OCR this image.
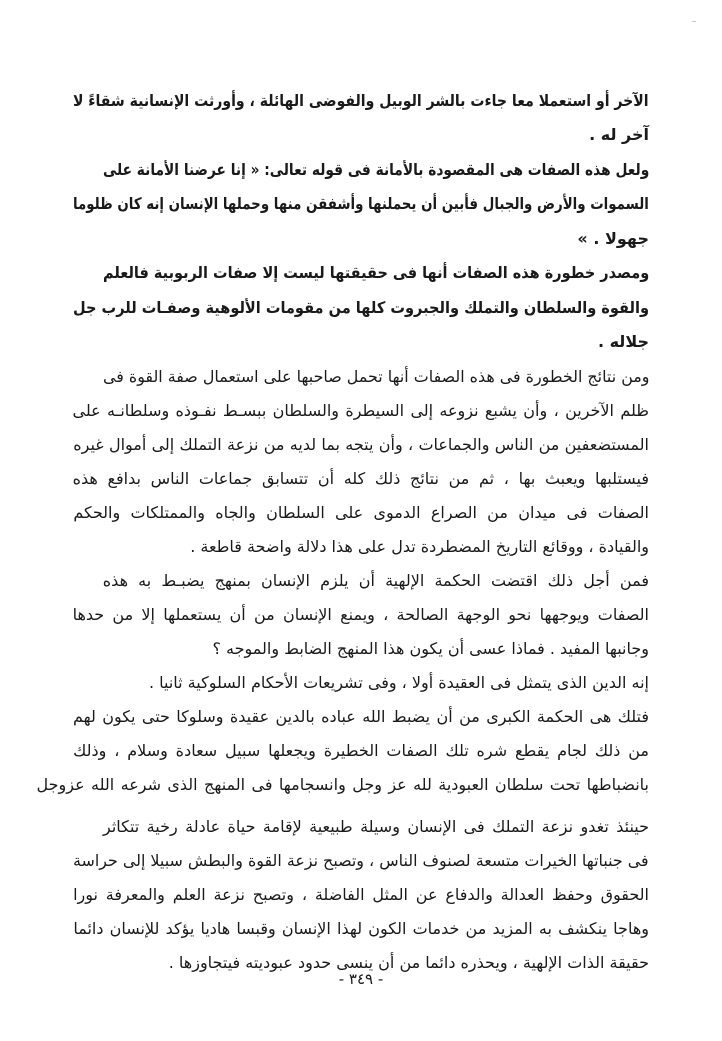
الآخر أو استعملا معا جاءت بالشر الوبيل والفوضى الهائلة ، وأورثت الإنسانية شقاءً لا
آخر له .
ولعل هذه الصفات هى المقصودة بالأمانة فى قوله تعالى: « إنا عرضنا الأمانة على
السموات والأرض والجبال فأبين أن يحملنها وأشفقن منها وحملها الإنسان إنه كان ظلوما
جهولا . »
ومصدر خطورة هذه الصفات أنها فى حقيقتها ليست إلا صفات الربوبية فالعلم
والقوة والسلطان والتملك والجبروت كلها من مقومات الألوهية وصفـات للرب جل
جلاله .
ومن نتائج الخطورة فى هذه الصفات أنها تحمل صاحبها على استعمال صفة القوة فى
ظلم الآخرين ، وأن يشبع نزوعه إلى السيطرة والسلطان ببسـط نفـوذه وسلطانـه على
المستضعفين من الناس والجماعات ، وأن يتجه بما لديه من نزعة التملك إلى أموال غيره
فيستلبها ويعبث بها ، ثم من نتائج ذلك كله أن تتسابق جماعات الناس بدافع هذه
الصفات فى ميدان من الصراع الدموى على السلطان والجاه والممتلكات والحكم
والقيادة ، ووقائع التاريخ المضطردة تدل على هذا دلالة واضحة قاطعة .
فمن أجل ذلك اقتضت الحكمة الإلهية أن يلزم الإنسان بمنهج يضبـط به هذه
الصفات ويوجهها نحو الوجهة الصالحة ، ويمنع الإنسان من أن يستعملها إلا من حدها
وجانبها المفيد . فماذا عسى أن يكون هذا المنهج الضابط والموجه ؟
إنه الدين الذى يتمثل فى العقيدة أولا ، وفى تشريعات الأحكام السلوكية ثانيا .
فتلك هى الحكمة الكبرى من أن يضبط الله عباده بالدين عقيدة وسلوكا حتى يكون لهم
من ذلك لجام يقطع شره تلك الصفات الخطيرة ويجعلها سبيل سعادة وسلام ، وذلك
بانضباطها تحت سلطان العبودية لله عز وجل وانسجامها فى المنهج الذى شرعه الله عزوجل
حينئذ تغدو نزعة التملك فى الإنسان وسيلة طبيعية لإقامة حياة عادلة رخية تتكاثر
فى جنباتها الخيرات متسعة لصنوف الناس ، وتصبح نزعة القوة والبطش سبيلا إلى حراسة
الحقوق وحفظ العدالة والدفاع عن المثل الفاضلة ، وتصبح نزعة العلم والمعرفة نورا
وهاجا ينكشف به المزيد من خدمات الكون لهذا الإنسان وقبسا هاديا يؤكد للإنسان دائما
حقيقة الذات الإلهية ، ويحذره دائما من أن ينسى حدود عبوديته فيتجاوزها .
- ٣٤٩ -
